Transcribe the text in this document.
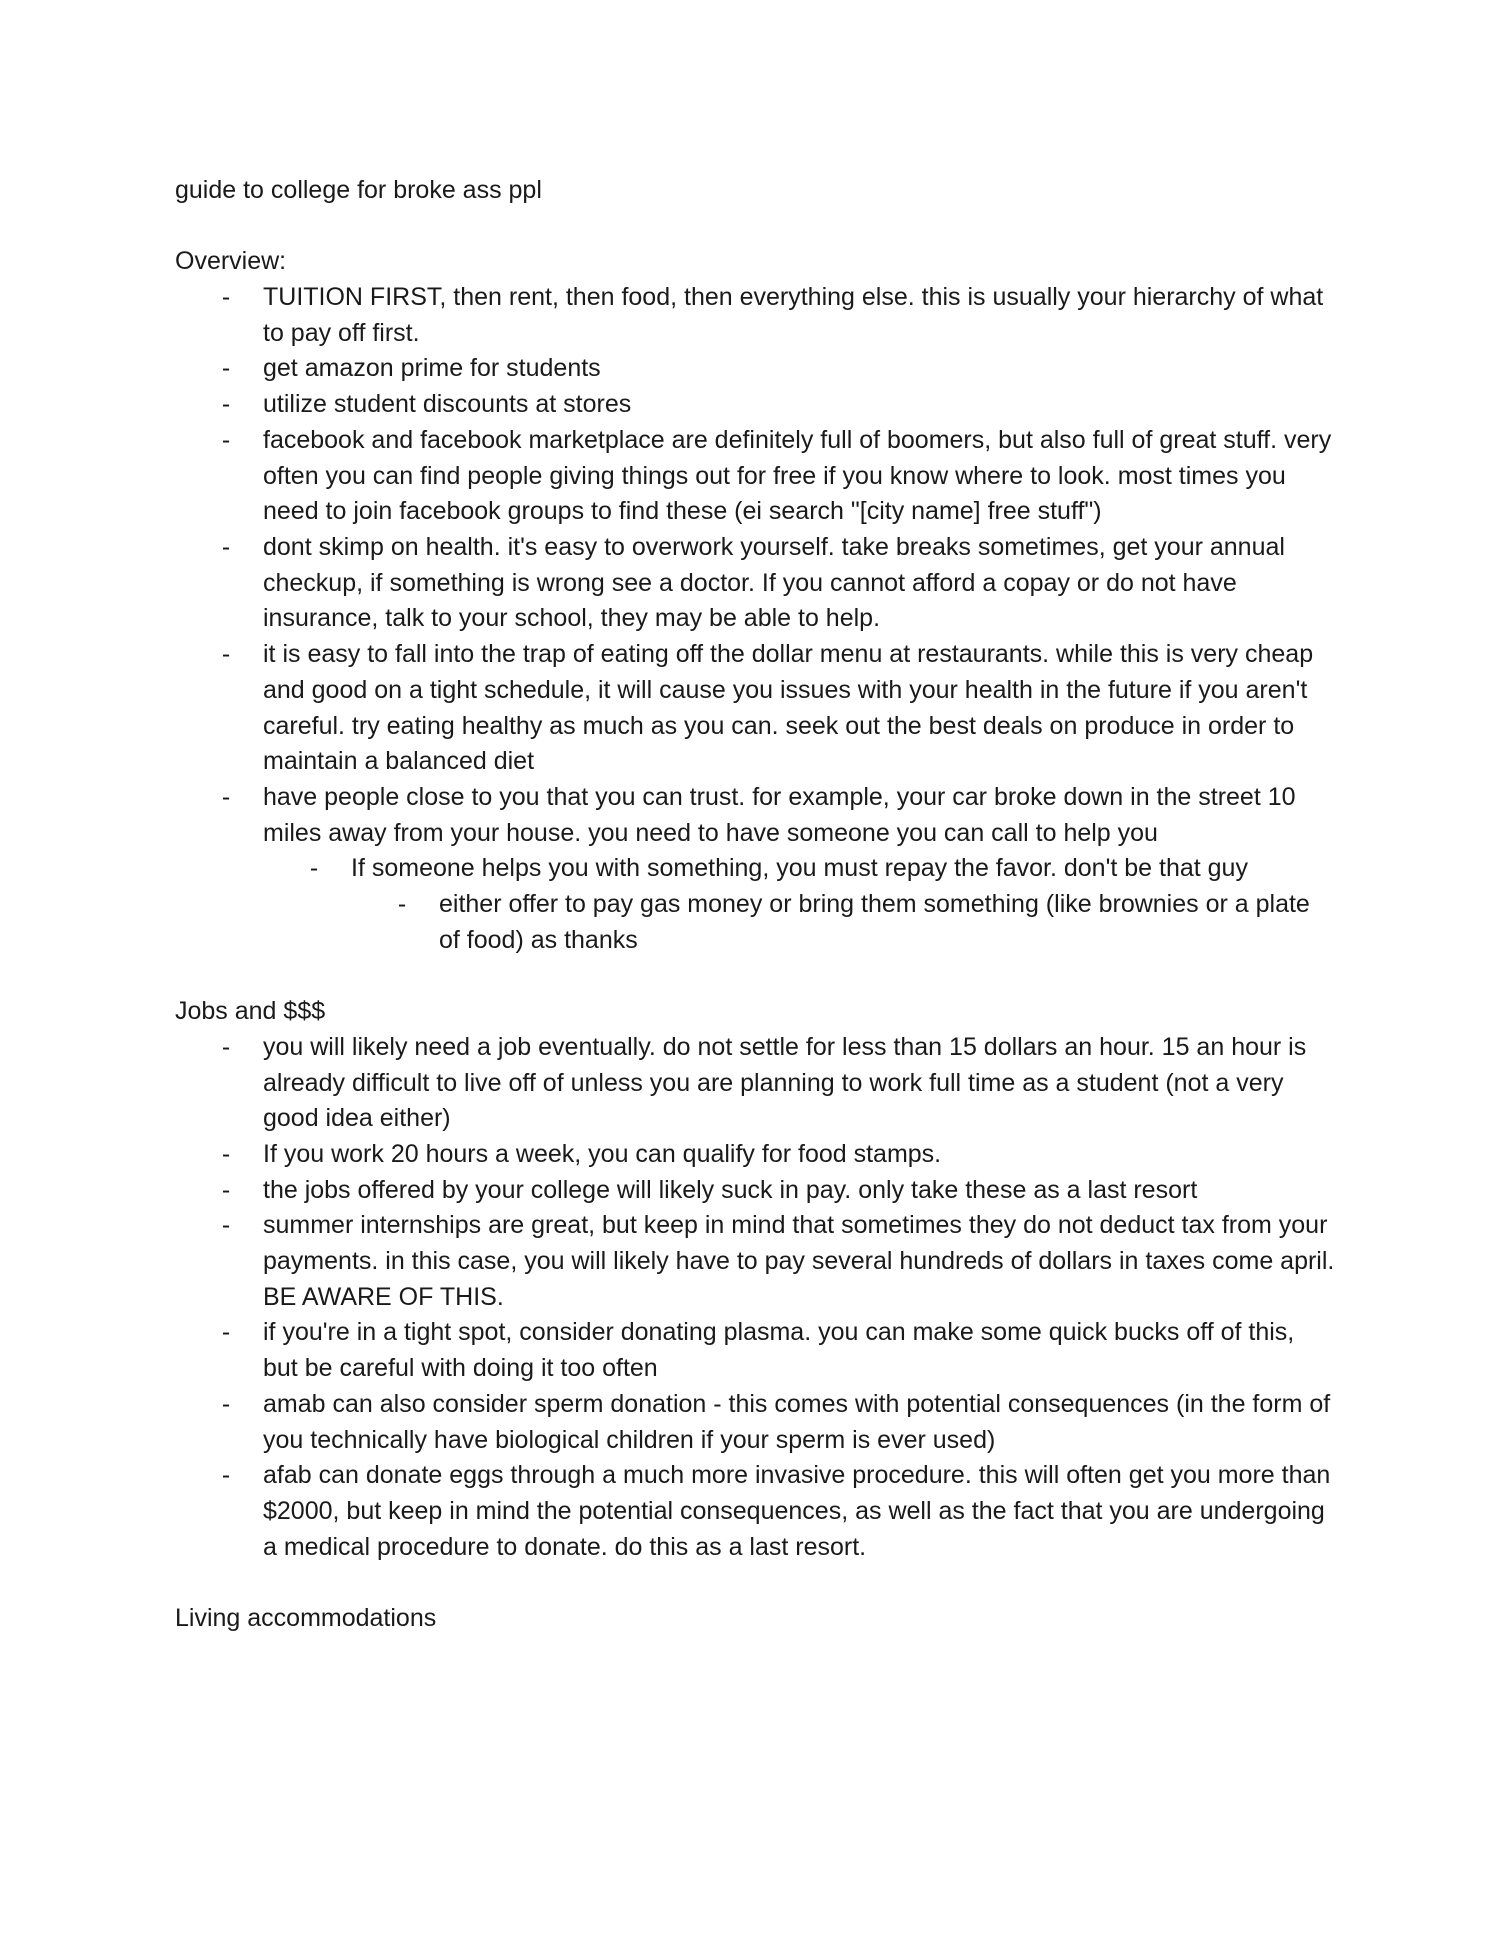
guide to college for broke ass ppl

Overview:

- TUITION FIRST, then rent, then food, then everything else. this is usually your hierarchy of what to pay off first.
- get amazon prime for students
- utilize student discounts at stores
- facebook and facebook marketplace are definitely full of boomers, but also full of great stuff. very often you can find people giving things out for free if you know where to look. most times you need to join facebook groups to find these (ei search "[city name] free stuff")
- dont skimp on health. it's easy to overwork yourself. take breaks sometimes, get your annual checkup, if something is wrong see a doctor. If you cannot afford a copay or do not have insurance, talk to your school, they may be able to help.
- it is easy to fall into the trap of eating off the dollar menu at restaurants. while this is very cheap and good on a tight schedule, it will cause you issues with your health in the future if you aren't careful. try eating healthy as much as you can. seek out the best deals on produce in order to maintain a balanced diet
- have people close to you that you can trust. for example, your car broke down in the street 10 miles away from your house. you need to have someone you can call to help you
- If someone helps you with something, you must repay the favor. don't be that guy
- either offer to pay gas money or bring them something (like brownies or a plate of food) as thanks

Jobs and $$$

- you will likely need a job eventually. do not settle for less than 15 dollars an hour. 15 an hour is already difficult to live off of unless you are planning to work full time as a student (not a very good idea either)
- If you work 20 hours a week, you can qualify for food stamps.
- the jobs offered by your college will likely suck in pay. only take these as a last resort
- summer internships are great, but keep in mind that sometimes they do not deduct tax from your payments. in this case, you will likely have to pay several hundreds of dollars in taxes come april. BE AWARE OF THIS.
- if you're in a tight spot, consider donating plasma. you can make some quick bucks off of this, but be careful with doing it too often
- amab can also consider sperm donation - this comes with potential consequences (in the form of you technically have biological children if your sperm is ever used)
- afab can donate eggs through a much more invasive procedure. this will often get you more than $2000, but keep in mind the potential consequences, as well as the fact that you are undergoing a medical procedure to donate. do this as a last resort.

Living accommodations
